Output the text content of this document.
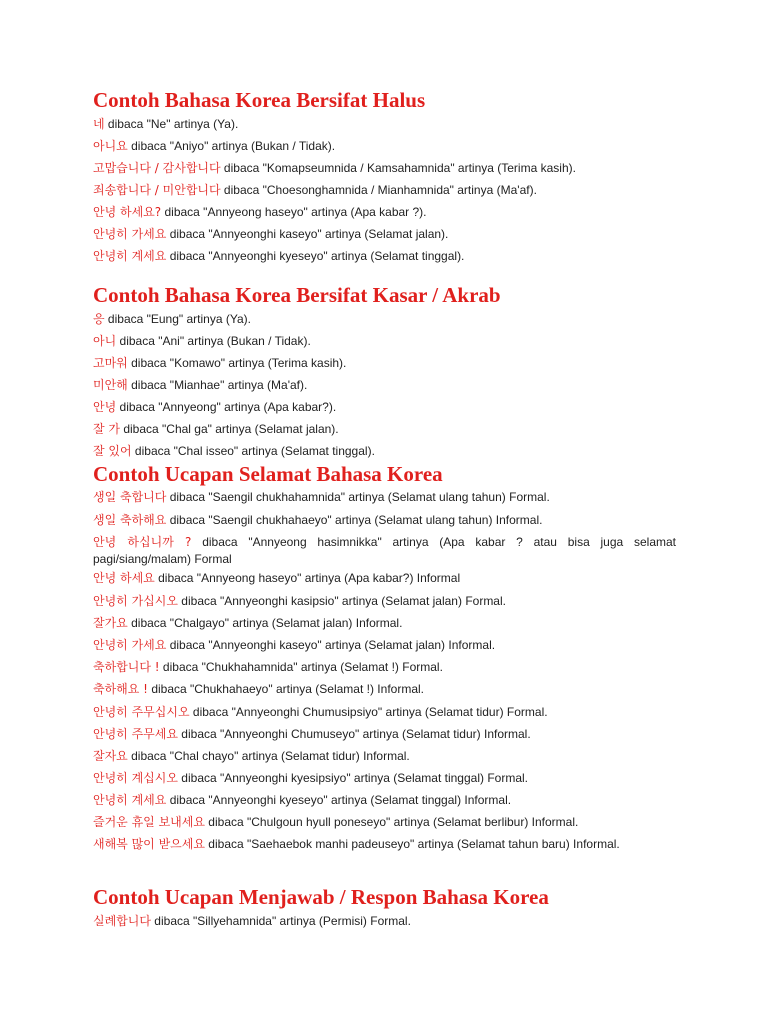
Contoh Bahasa Korea Bersifat Halus
네 dibaca "Ne" artinya (Ya).
아니요 dibaca "Aniyo" artinya (Bukan / Tidak).
고맙습니다 / 감사합니다 dibaca "Komapseumnida / Kamsahamnida" artinya (Terima kasih).
죄송합니다 / 미안합니다 dibaca "Choesonghamnida / Mianhamnida" artinya (Ma'af).
안녕 하세요? dibaca "Annyeong haseyo" artinya (Apa kabar ?).
안녕히 가세요 dibaca "Annyeonghi kaseyo" artinya (Selamat jalan).
안녕히 계세요 dibaca "Annyeonghi kyeseyo" artinya (Selamat tinggal).
Contoh Bahasa Korea Bersifat Kasar / Akrab
응 dibaca "Eung" artinya (Ya).
아니 dibaca "Ani" artinya (Bukan / Tidak).
고마워 dibaca "Komawo" artinya (Terima kasih).
미안해 dibaca "Mianhae" artinya (Ma'af).
안녕 dibaca "Annyeong" artinya (Apa kabar?).
잘 가 dibaca "Chal ga" artinya (Selamat jalan).
잘 있어 dibaca "Chal isseo" artinya (Selamat tinggal).
Contoh Ucapan Selamat Bahasa Korea
생일 축합니다 dibaca "Saengil chukhahamnida" artinya (Selamat ulang tahun) Formal.
생일 축하해요 dibaca "Saengil chukhahaeyo" artinya (Selamat ulang tahun) Informal.
안녕 하십니까 ? dibaca "Annyeong hasimnikka" artinya (Apa kabar ? atau bisa juga selamat pagi/siang/malam) Formal
안녕 하세요 dibaca "Annyeong haseyo" artinya (Apa kabar?) Informal
안녕히 가십시오 dibaca "Annyeonghi kasipsio" artinya (Selamat jalan) Formal.
잘가요 dibaca "Chalgayo" artinya (Selamat jalan) Informal.
안녕히 가세요 dibaca "Annyeonghi kaseyo" artinya (Selamat jalan) Informal.
축하합니다 ! dibaca "Chukhahamnida" artinya (Selamat !) Formal.
축하해요 ! dibaca "Chukhahaeyo" artinya (Selamat !) Informal.
안녕히 주무십시오 dibaca "Annyeonghi Chumusipsiyo" artinya (Selamat tidur) Formal.
안녕히 주무세요 dibaca "Annyeonghi Chumuseyo" artinya (Selamat tidur) Informal.
잘자요 dibaca "Chal chayo" artinya (Selamat tidur) Informal.
안녕히 계십시오 dibaca "Annyeonghi kyesipsiyo" artinya (Selamat tinggal) Formal.
안녕히 계세요 dibaca "Annyeonghi kyeseyo" artinya (Selamat tinggal) Informal.
즐거운 휴일 보내세요 dibaca "Chulgoun hyull poneseyo" artinya (Selamat berlibur) Informal.
새해복 많이 받으세요 dibaca "Saehaebok manhi padeuseyo" artinya (Selamat tahun baru) Informal.
Contoh Ucapan Menjawab / Respon Bahasa Korea
실례합니다 dibaca "Sillyehamnida" artinya (Permisi) Formal.
